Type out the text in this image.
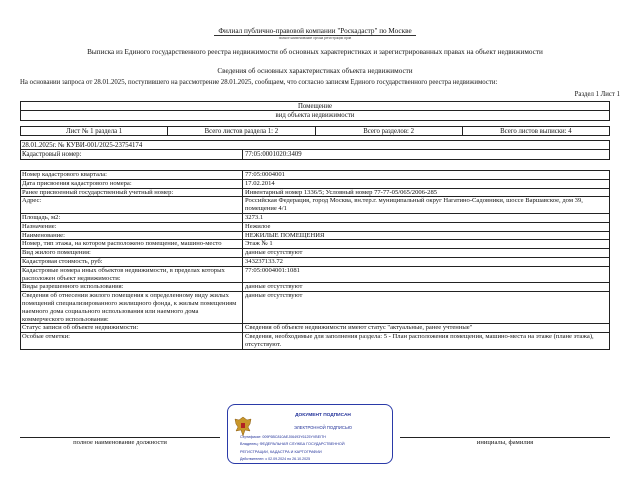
Филиал публично-правовой компании "Роскадастр" по Москве
полное наименование органа регистрации прав
Выписка из Единого государственного реестра недвижимости об основных характеристиках и зарегистрированных правах на объект недвижимости
Сведения об основных характеристиках объекта недвижимости
На основании запроса от 28.01.2025, поступившего на рассмотрение 28.01.2025, сообщаем, что согласно записям Единого государственного реестра недвижимости:
Раздел 1 Лист 1
Помещение
вид объекта недвижимости
Лист № 1 раздела 1	Всего листов раздела 1: 2	Всего разделов: 2	Всего листов выписки: 4
28.01.2025г. № КУВИ-001/2025-23754174
Кадастровый номер:	77:05:0001020:3409
Номер кадастрового квартала:	77:05:0004001
Дата присвоения кадастрового номера:	17.02.2014
Ранее присвоенный государственный учетный номер:	Инвентарный номер 1336/5; Условный номер 77-77-05/065/2006-285
Адрес:	Российская Федерация, город Москва, вн.тер.г. муниципальный округ Нагатино-Садовники, шоссе Варшавское, дом 39, помещение 4/1
Площадь, м2:	3273.1
Назначение:	Нежилое
Наименование:	НЕЖИЛЫЕ ПОМЕЩЕНИЯ
Номер, тип этажа, на котором расположено помещение, машино-место	Этаж № 1
Вид жилого помещения:	данные отсутствуют
Кадастровая стоимость, руб:	343237133.72
Кадастровые номера иных объектов недвижимости, в пределах которых расположен объект недвижимости:	77:05:0004001:1081
Виды разрешенного использования:	данные отсутствуют
Сведения об отнесении жилого помещения к определенному виду жилых помещений специализированного жилищного фонда, к жилым помещениям наемного дома социального использования или наемного дома коммерческого использования:	данные отсутствуют
Статус записи об объекте недвижимости:	Сведения об объекте недвижимости имеют статус "актуальные, ранее учтенные"
Особые отметки:	Сведения, необходимые для заполнения раздела: 5 - План расположения помещения, машино-места на этаже (плане этажа), отсутствуют.
полное наименование должности	инициалы, фамилия
ДОКУМЕНТ ПОДПИСАН
ЭЛЕКТРОННОЙ ПОДПИСЬЮ
Сертификат: 009F6BC810AEJ06493Y6125YVBEITH
Владелец: ФЕДЕРАЛЬНАЯ СЛУЖБА ГОСУДАРСТВЕННОЙ
РЕГИСТРАЦИИ, КАДАСТРА И КАРТОГРАФИИ
Действителен: с 02.09.2024 по 26.10.2025
